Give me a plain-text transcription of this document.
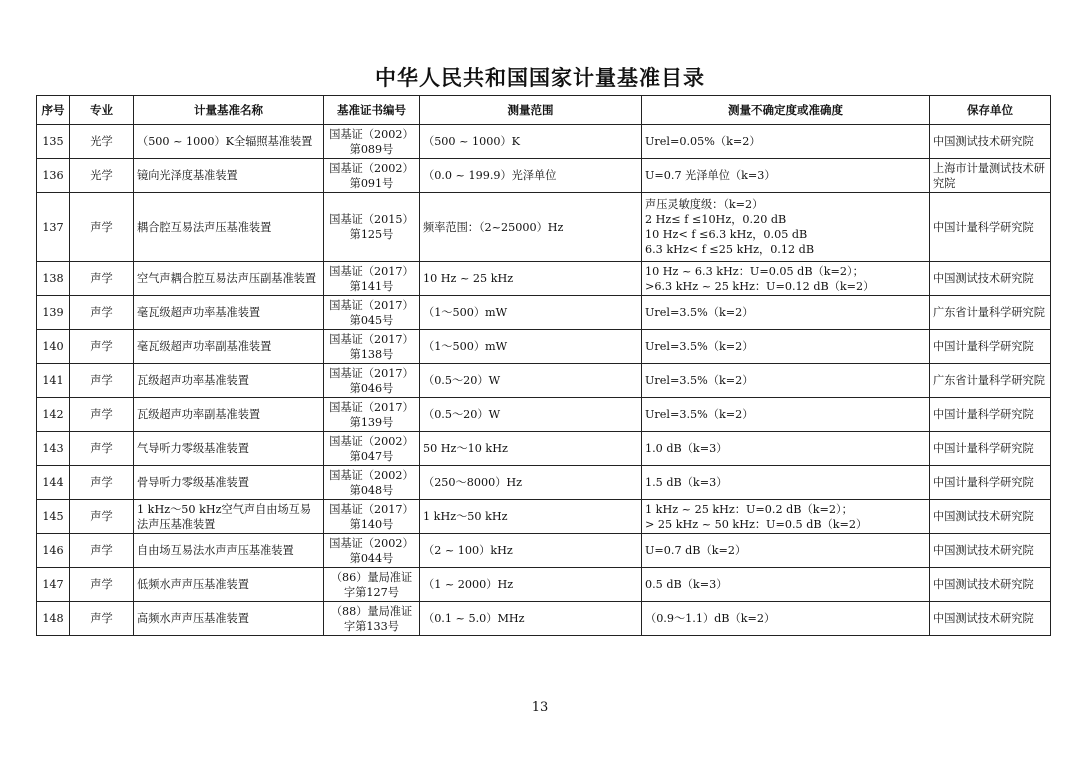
中华人民共和国国家计量基准目录
序号	专业	计量基准名称	基准证书编号	测量范围	测量不确定度或准确度	保存单位
135	光学	（500 ~ 1000）K全辐照基准装置	国基证（2002）第089号	（500 ~ 1000）K	Urel=0.05%（k=2）	中国测试技术研究院
136	光学	镜向光泽度基准装置	国基证（2002）第091号	（0.0 ~ 199.9）光泽单位	U=0.7 光泽单位（k=3）	上海市计量测试技术研究院
137	声学	耦合腔互易法声压基准装置	国基证（2015）第125号	频率范围：（2~25000）Hz	声压灵敏度级：（k=2）
2 Hz≤ f ≤10Hz，0.20 dB
10 Hz< f ≤6.3 kHz，0.05 dB
6.3 kHz< f ≤25 kHz，0.12 dB	中国计量科学研究院
138	声学	空气声耦合腔互易法声压副基准装置	国基证（2017）第141号	10 Hz ~ 25 kHz	10 Hz ~ 6.3 kHz：U=0.05 dB（k=2）；
>6.3 kHz ~ 25 kHz：U=0.12 dB（k=2）	中国测试技术研究院
139	声学	毫瓦级超声功率基准装置	国基证（2017）第045号	（1～500）mW	Urel=3.5%（k=2）	广东省计量科学研究院
140	声学	毫瓦级超声功率副基准装置	国基证（2017）第138号	（1～500）mW	Urel=3.5%（k=2）	中国计量科学研究院
141	声学	瓦级超声功率基准装置	国基证（2017）第046号	（0.5～20）W	Urel=3.5%（k=2）	广东省计量科学研究院
142	声学	瓦级超声功率副基准装置	国基证（2017）第139号	（0.5～20）W	Urel=3.5%（k=2）	中国计量科学研究院
143	声学	气导听力零级基准装置	国基证（2002）第047号	50 Hz～10 kHz	1.0 dB（k=3）	中国计量科学研究院
144	声学	骨导听力零级基准装置	国基证（2002）第048号	（250～8000）Hz	1.5 dB（k=3）	中国计量科学研究院
145	声学	1 kHz～50 kHz空气声自由场互易法声压基准装置	国基证（2017）第140号	1 kHz～50 kHz	1 kHz ~ 25 kHz：U=0.2 dB（k=2）；
> 25 kHz ~ 50 kHz：U=0.5 dB（k=2）	中国测试技术研究院
146	声学	自由场互易法水声声压基准装置	国基证（2002）第044号	（2 ~ 100）kHz	U=0.7 dB（k=2）	中国测试技术研究院
147	声学	低频水声声压基准装置	（86）量局准证字第127号	（1 ~ 2000）Hz	0.5 dB（k=3）	中国测试技术研究院
148	声学	高频水声声压基准装置	（88）量局准证字第133号	（0.1 ~ 5.0）MHz	（0.9～1.1）dB（k=2）	中国测试技术研究院
13
